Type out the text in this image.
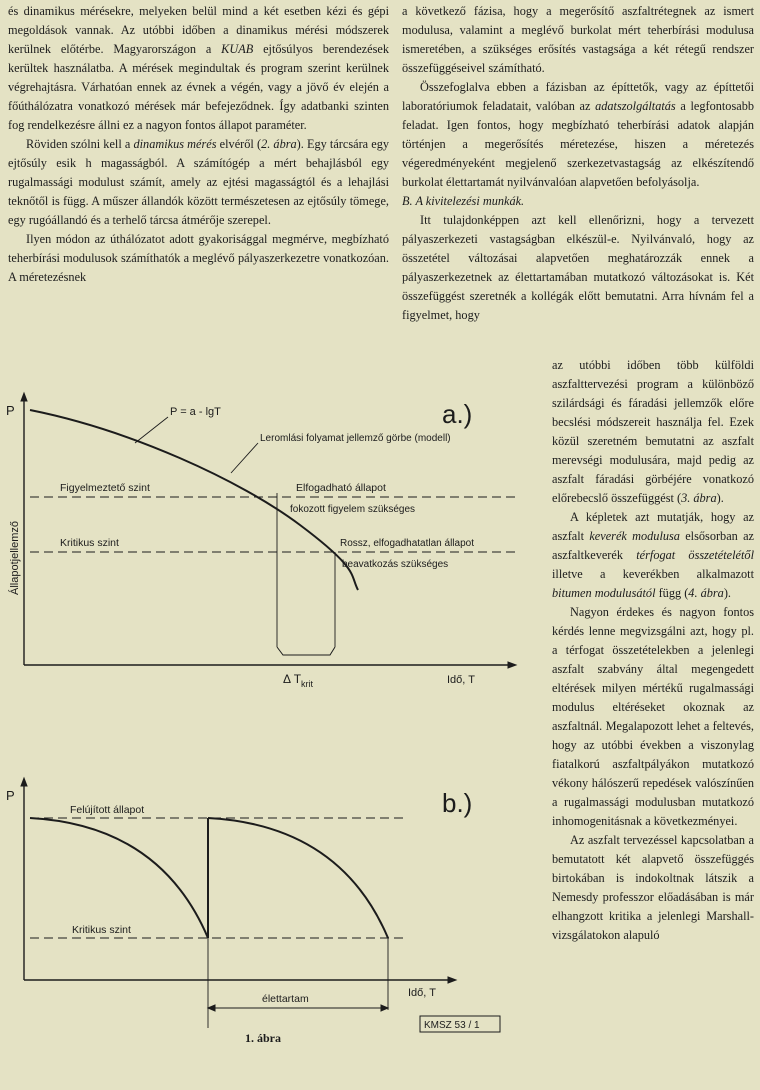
és dinamikus mérésekre, melyeken belül mind a két esetben kézi és gépi megoldások vannak. Az utóbbi időben a dinamikus mérési módszerek kerülnek előtérbe. Magyarországon a KUAB ejtősúlyos berendezések kerültek használatba. A mérések megindultak és program szerint kerülnek végrehajtásra. Várhatóan ennek az évnek a végén, vagy a jövő év elején a főúthálózatra vonatkozó mérések már befejeződnek. Így adatbanki szinten fog rendelkezésre állni ez a nagyon fontos állapot paraméter.

Röviden szólni kell a dinamikus mérés elvéről (2. ábra). Egy tárcsára egy ejtősúly esik h magasságból. A számítógép a mért behajlásból egy rugalmassági modulust számít, amely az ejtési magasságtól és a lehajlási teknőtől is függ. A műszer állandók között természetesen az ejtősúly tömege, egy rugóállandó és a terhelő tárcsa átmérője szerepel.

Ilyen módon az úthálózatot adott gyakorisággal megmérve, megbízható teherbírási modulusok számíthatók a meglévő pályaszerkezetre vonatkozóan. A méretezésnek

a következő fázisa, hogy a megerősítő aszfaltrétegnek az ismert modulusa, valamint a meglévő burkolat mért teherbírási modulusa ismeretében, a szükséges erősítés vastagsága a két rétegű rendszer összefüggéseivel számítható.

Összefoglalva ebben a fázisban az építtetők, vagy az építtetői laboratóriumok feladatait, valóban az adatszolgáltatás a legfontosabb feladat. Igen fontos, hogy megbízható teherbírási adatok alapján történjen a megerősítés méretezése, hiszen a méretezés végeredményeként megjelenő szerkezetvastagság az elkészítendő burkolat élettartamát nyilvánvalóan alapvetően befolyásolja.

B. A kivitelezési munkák.

Itt tulajdonképpen azt kell ellenőrizni, hogy a tervezett pályaszerkezeti vastagságban elkészül-e. Nyilvánvaló, hogy az összetétel változásai alapvetően meghatározzák ennek a pályaszerkezetnek az élettartamában mutatkozó változásokat is. Két összefüggést szeretnék a kollégák előtt bemutatni. Arra hívnám fel a figyelmet, hogy

az utóbbi időben több külföldi aszfalttervezési program a különböző szilárdsági és fáradási jellemzők előre becslési módszereit használja fel. Ezek közül szeretném bemutatni az aszfalt merevségi modulusára, majd pedig az aszfalt fáradási görbéjére vonatkozó előrebecslő összefüggést (3. ábra).

A képletek azt mutatják, hogy az aszfalt keverék modulusa elsősorban az aszfaltkeverék térfogat összetételétől illetve a keverékben alkalmazott bitumen modulusától függ (4. ábra).

Nagyon érdekes és nagyon fontos kérdés lenne megvizsgálni azt, hogy pl. a térfogat összetételekben a jelenlegi aszfalt szabvány által megengedett eltérések milyen mértékű rugalmassági modulus eltéréseket okoznak az aszfaltnál. Megalapozott lehet a feltevés, hogy az utóbbi években a viszonylag fiatalkorú aszfaltpályákon mutatkozó vékony hálószerű repedések valószínűen a rugalmassági modulusban mutatkozó inhomogenitásnak a következményei.

Az aszfalt tervezéssel kapcsolatban a bemutatott két alapvető összefüggés birtokában is indokoltnak látszik a Nemesdy professzor előadásában is már elhangzott kritika a jelenlegi Marshall-vizsgálatokon alapuló

P
Állapotjellemző
a.)
P = a - lgT
Leromlási folyamat jellemző görbe (modell)
Figyelmeztető szint	Elfogadható állapot
fokozott figyelem szükséges
Kritikus szint	Rossz, elfogadhatatlan állapot
beavatkozás szükséges
Idő, T
Δ $T_{krit}$
P	b.)
Felújított állapot
Kritikus szint
Idő, T
élettartam
1. ábra
KMSZ 53 / 1
